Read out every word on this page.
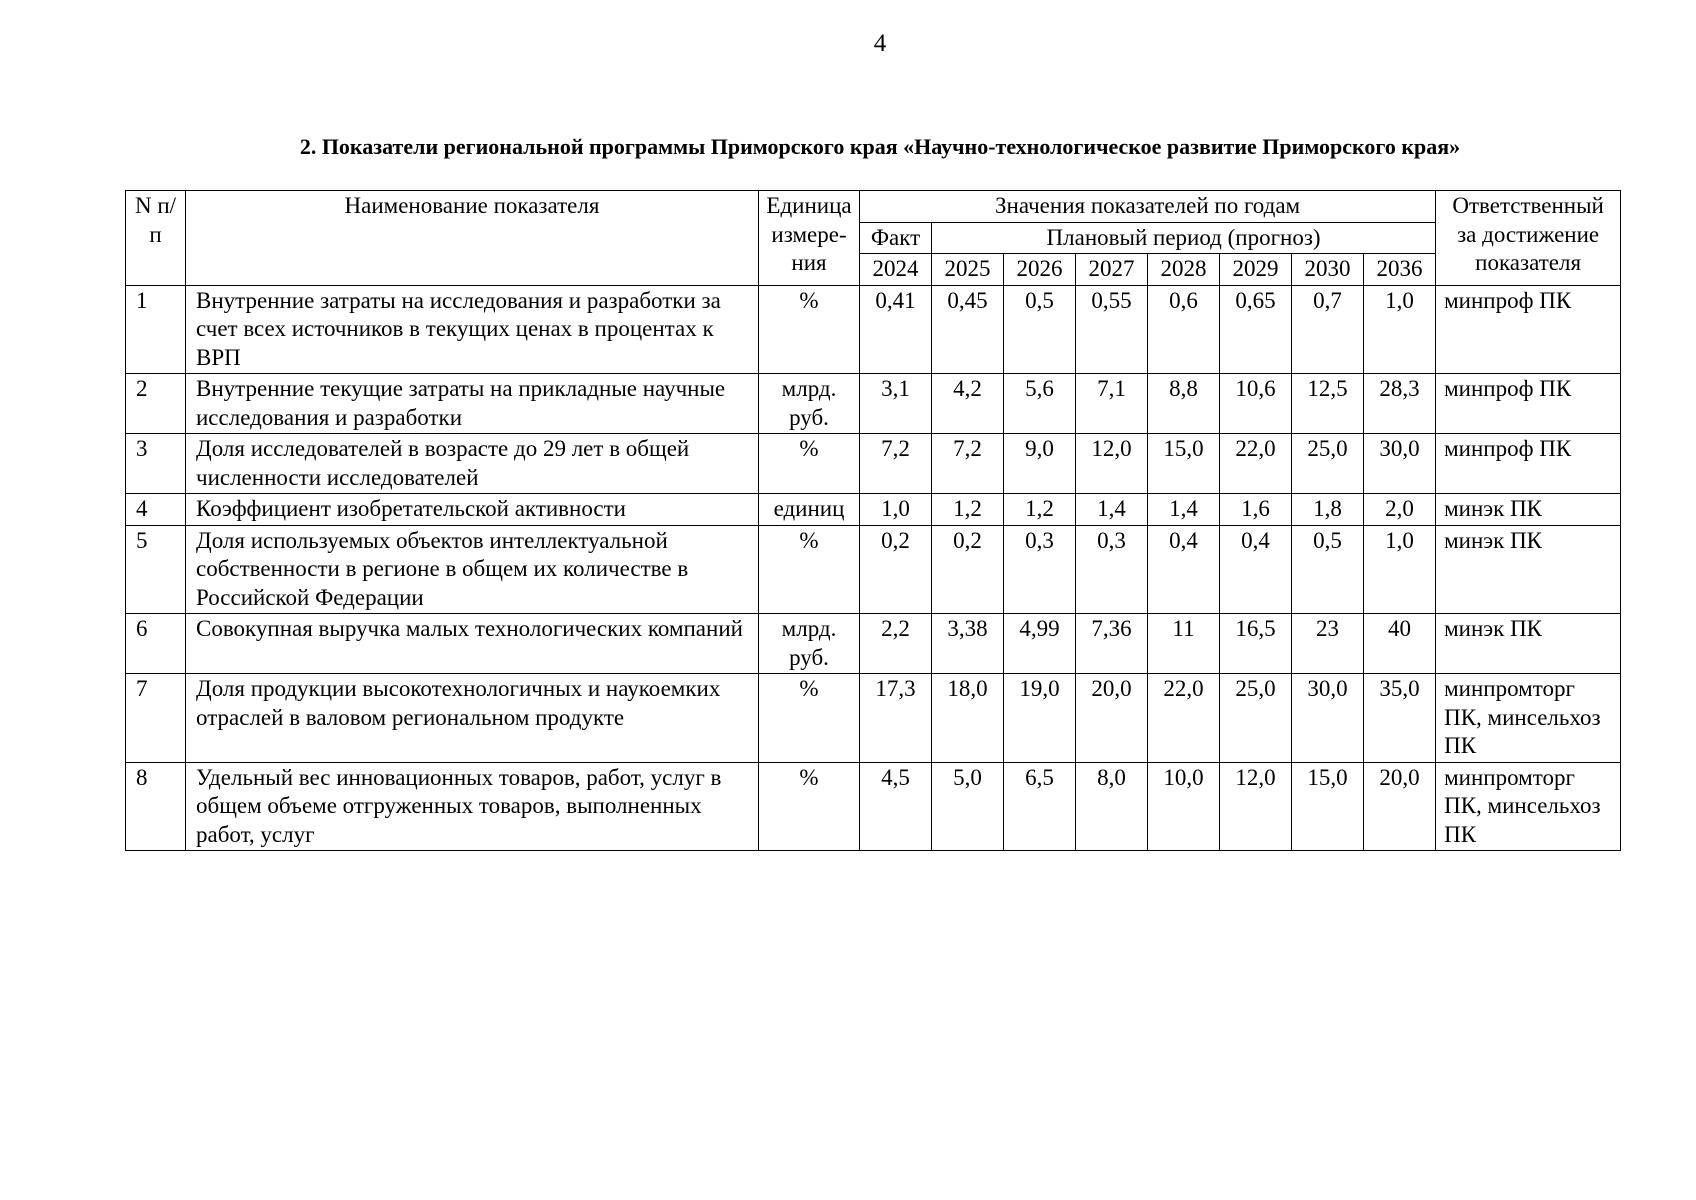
4
2. Показатели региональной программы Приморского края «Научно-технологическое развитие Приморского края»
N п/п	Наименование показателя	Единица измерения	Значения показателей по годам								Ответственный за достижение показателя
			Факт	Плановый период (прогноз)							
			2024	2025	2026	2027	2028	2029	2030	2036	
1	Внутренние затраты на исследования и разработки за счет всех источников в текущих ценах в процентах к ВРП	%	0,41	0,45	0,5	0,55	0,6	0,65	0,7	1,0	минпроф ПК
2	Внутренние текущие затраты на прикладные научные исследования и разработки	млрд. руб.	3,1	4,2	5,6	7,1	8,8	10,6	12,5	28,3	минпроф ПК
3	Доля исследователей в возрасте до 29 лет в общей численности исследователей	%	7,2	7,2	9,0	12,0	15,0	22,0	25,0	30,0	минпроф ПК
4	Коэффициент изобретательской активности	единиц	1,0	1,2	1,2	1,4	1,4	1,6	1,8	2,0	минэк ПК
5	Доля используемых объектов интеллектуальной собственности в регионе в общем их количестве в Российской Федерации	%	0,2	0,2	0,3	0,3	0,4	0,4	0,5	1,0	минэк ПК
6	Совокупная выручка малых технологических компаний	млрд. руб.	2,2	3,38	4,99	7,36	11	16,5	23	40	минэк ПК
7	Доля продукции высокотехнологичных и наукоемких отраслей в валовом региональном продукте	%	17,3	18,0	19,0	20,0	22,0	25,0	30,0	35,0	минпромторг ПК, минсельхоз ПК
8	Удельный вес инновационных товаров, работ, услуг в общем объеме отгруженных товаров, выполненных работ, услуг	%	4,5	5,0	6,5	8,0	10,0	12,0	15,0	20,0	минпромторг ПК, минсельхоз ПК
